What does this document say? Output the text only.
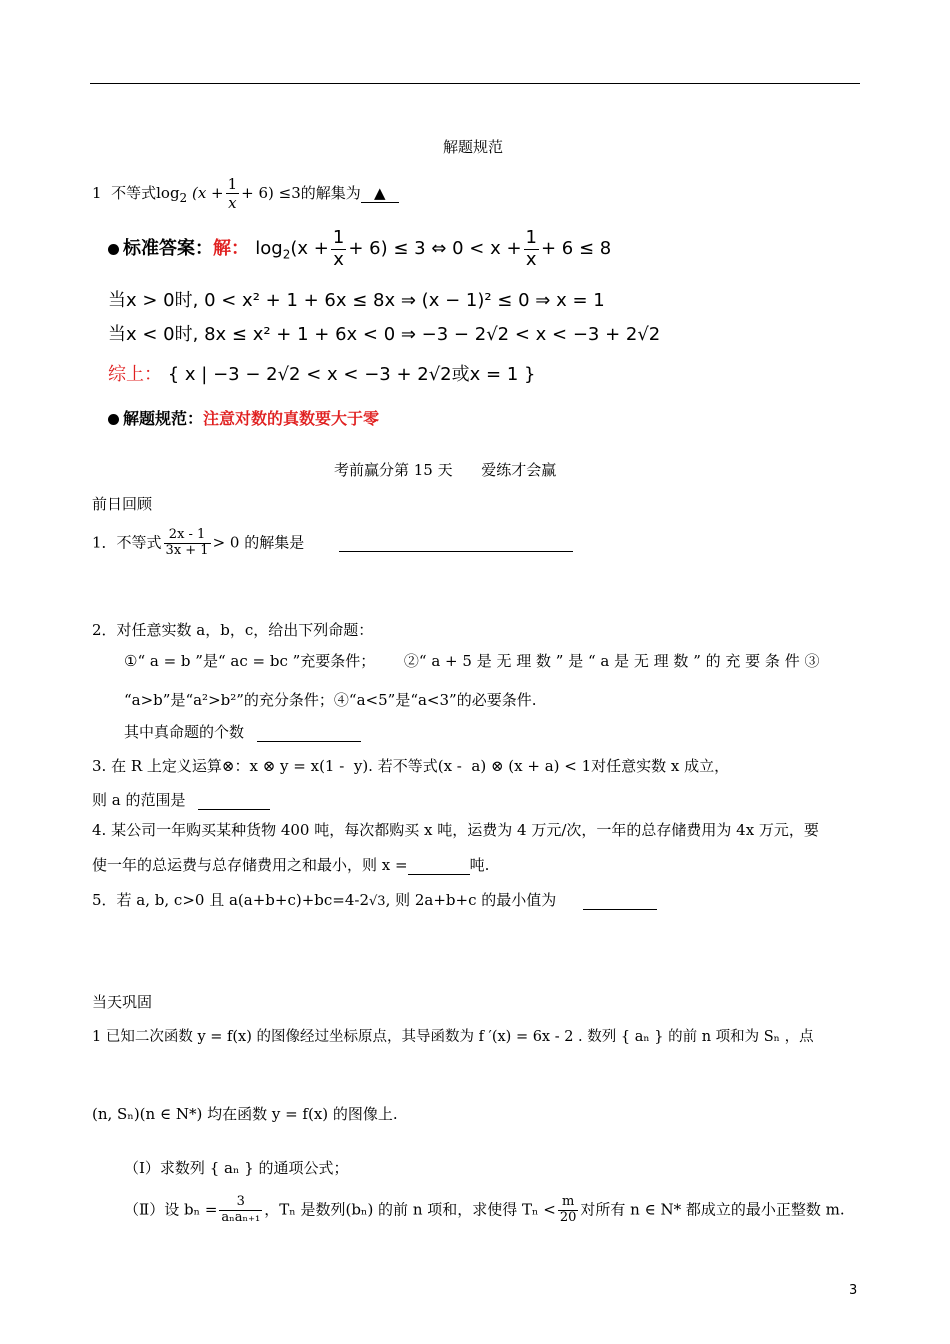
解题规范
1 不等式$\log_2 (x + \frac{1}{x} + 6) \le 3$的解集为 ▲
标准答案：解： $\log_2(x + \frac{1}{x} + 6) \le 3$ ⇔ $0 < x + \frac{1}{x} + 6 \le 8$
当x > 0时, 0 < x² + 1 + 6x ≤ 8x ⇒ (x − 1)² ≤ 0 ⇒ x = 1
当x < 0时, 8x ≤ x² + 1 + 6x < 0 ⇒ −3 − 2√2 < x < −3 + 2√2
综上： { x | −3 − 2√2 < x < −3 + 2√2或x = 1 }
解题规范：注意对数的真数要大于零
考前赢分第 15 天      爱练才会赢
前日回顾
1．不等式 $\frac{2x - 1}{3x + 1} > 0$ 的解集是
2．对任意实数 a，b，c，给出下列命题：
①“ a = b ”是“ ac = bc ”充要条件；      ②“ a + 5 是 无 理 数 ” 是 “ a 是 无 理 数 ” 的 充 要 条 件 ③
“a>b”是“a²>b²”的充分条件；④“a<5”是“a<3”的必要条件.
其中真命题的个数
3. 在 R 上定义运算⊗：x ⊗ y = x(1 -  y). 若不等式(x -  a) ⊗ (x + a) < 1对任意实数 x 成立，
则 a 的范围是
4. 某公司一年购买某种货物 400 吨，每次都购买 x 吨，运费为 4 万元/次，一年的总存储费用为 4x 万元，要
使一年的总运费与总存储费用之和最小，则 x =	吨.
5．若 a, b, c>0 且 a(a+b+c)+bc=4-2√3, 则 2a+b+c 的最小值为
当天巩固
1 已知二次函数 y = f(x) 的图像经过坐标原点，其导函数为 f ′(x) = 6x - 2 . 数列 { aₙ } 的前 n 项和为 Sₙ ，点
(n, Sₙ)(n ∈ N*) 均在函数 y = f(x) 的图像上.
（Ⅰ）求数列 { aₙ } 的通项公式；
（Ⅱ）设 $b_n = \frac{3}{\text{aₙaₙ₊₁}}$ ，Tₙ 是数列(bₙ) 的前 n 项和，求使得 $T_n < \frac{m}{20}$ 对所有 n ∈ N* 都成立的最小正整数 m.
3
